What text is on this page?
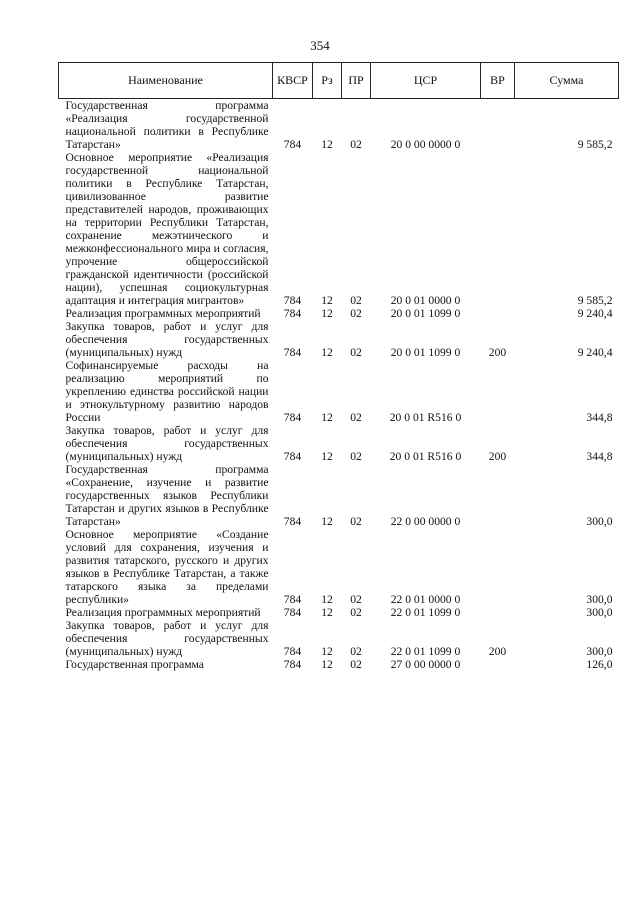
354
Наименование	КВСР	Рз	ПР	ЦСР	ВР	Сумма
Государственная программа «Реализация государственной национальной политики в Республике Татарстан»	784	12	02	20 0 00 0000 0		9 585,2
Основное мероприятие «Реализация государственной национальной политики в Республике Татарстан, цивилизованное развитие представителей народов, проживающих на территории Республики Татарстан, сохранение межэтнического и межконфессионального мира и согласия, упрочение общероссийской гражданской идентичности (российской нации), успешная социокультурная адаптация и интеграция мигрантов»	784	12	02	20 0 01 0000 0		9 585,2
Реализация программных мероприятий	784	12	02	20 0 01 1099 0		9 240,4
Закупка товаров, работ и услуг для обеспечения государственных (муниципальных) нужд	784	12	02	20 0 01 1099 0	200	9 240,4
Софинансируемые расходы на реализацию мероприятий по укреплению единства российской нации и этнокультурному развитию народов России	784	12	02	20 0 01 R516 0		344,8
Закупка товаров, работ и услуг для обеспечения государственных (муниципальных) нужд	784	12	02	20 0 01 R516 0	200	344,8
Государственная программа «Сохранение, изучение и развитие государственных языков Республики Татарстан и других языков в Республике Татарстан»	784	12	02	22 0 00 0000 0		300,0
Основное мероприятие «Создание условий для сохранения, изучения и развития татарского, русского и других языков в Республике Татарстан, а также татарского языка за пределами республики»	784	12	02	22 0 01 0000 0		300,0
Реализация программных мероприятий	784	12	02	22 0 01 1099 0		300,0
Закупка товаров, работ и услуг для обеспечения государственных (муниципальных) нужд	784	12	02	22 0 01 1099 0	200	300,0
Государственная программа	784	12	02	27 0 00 0000 0		126,0
